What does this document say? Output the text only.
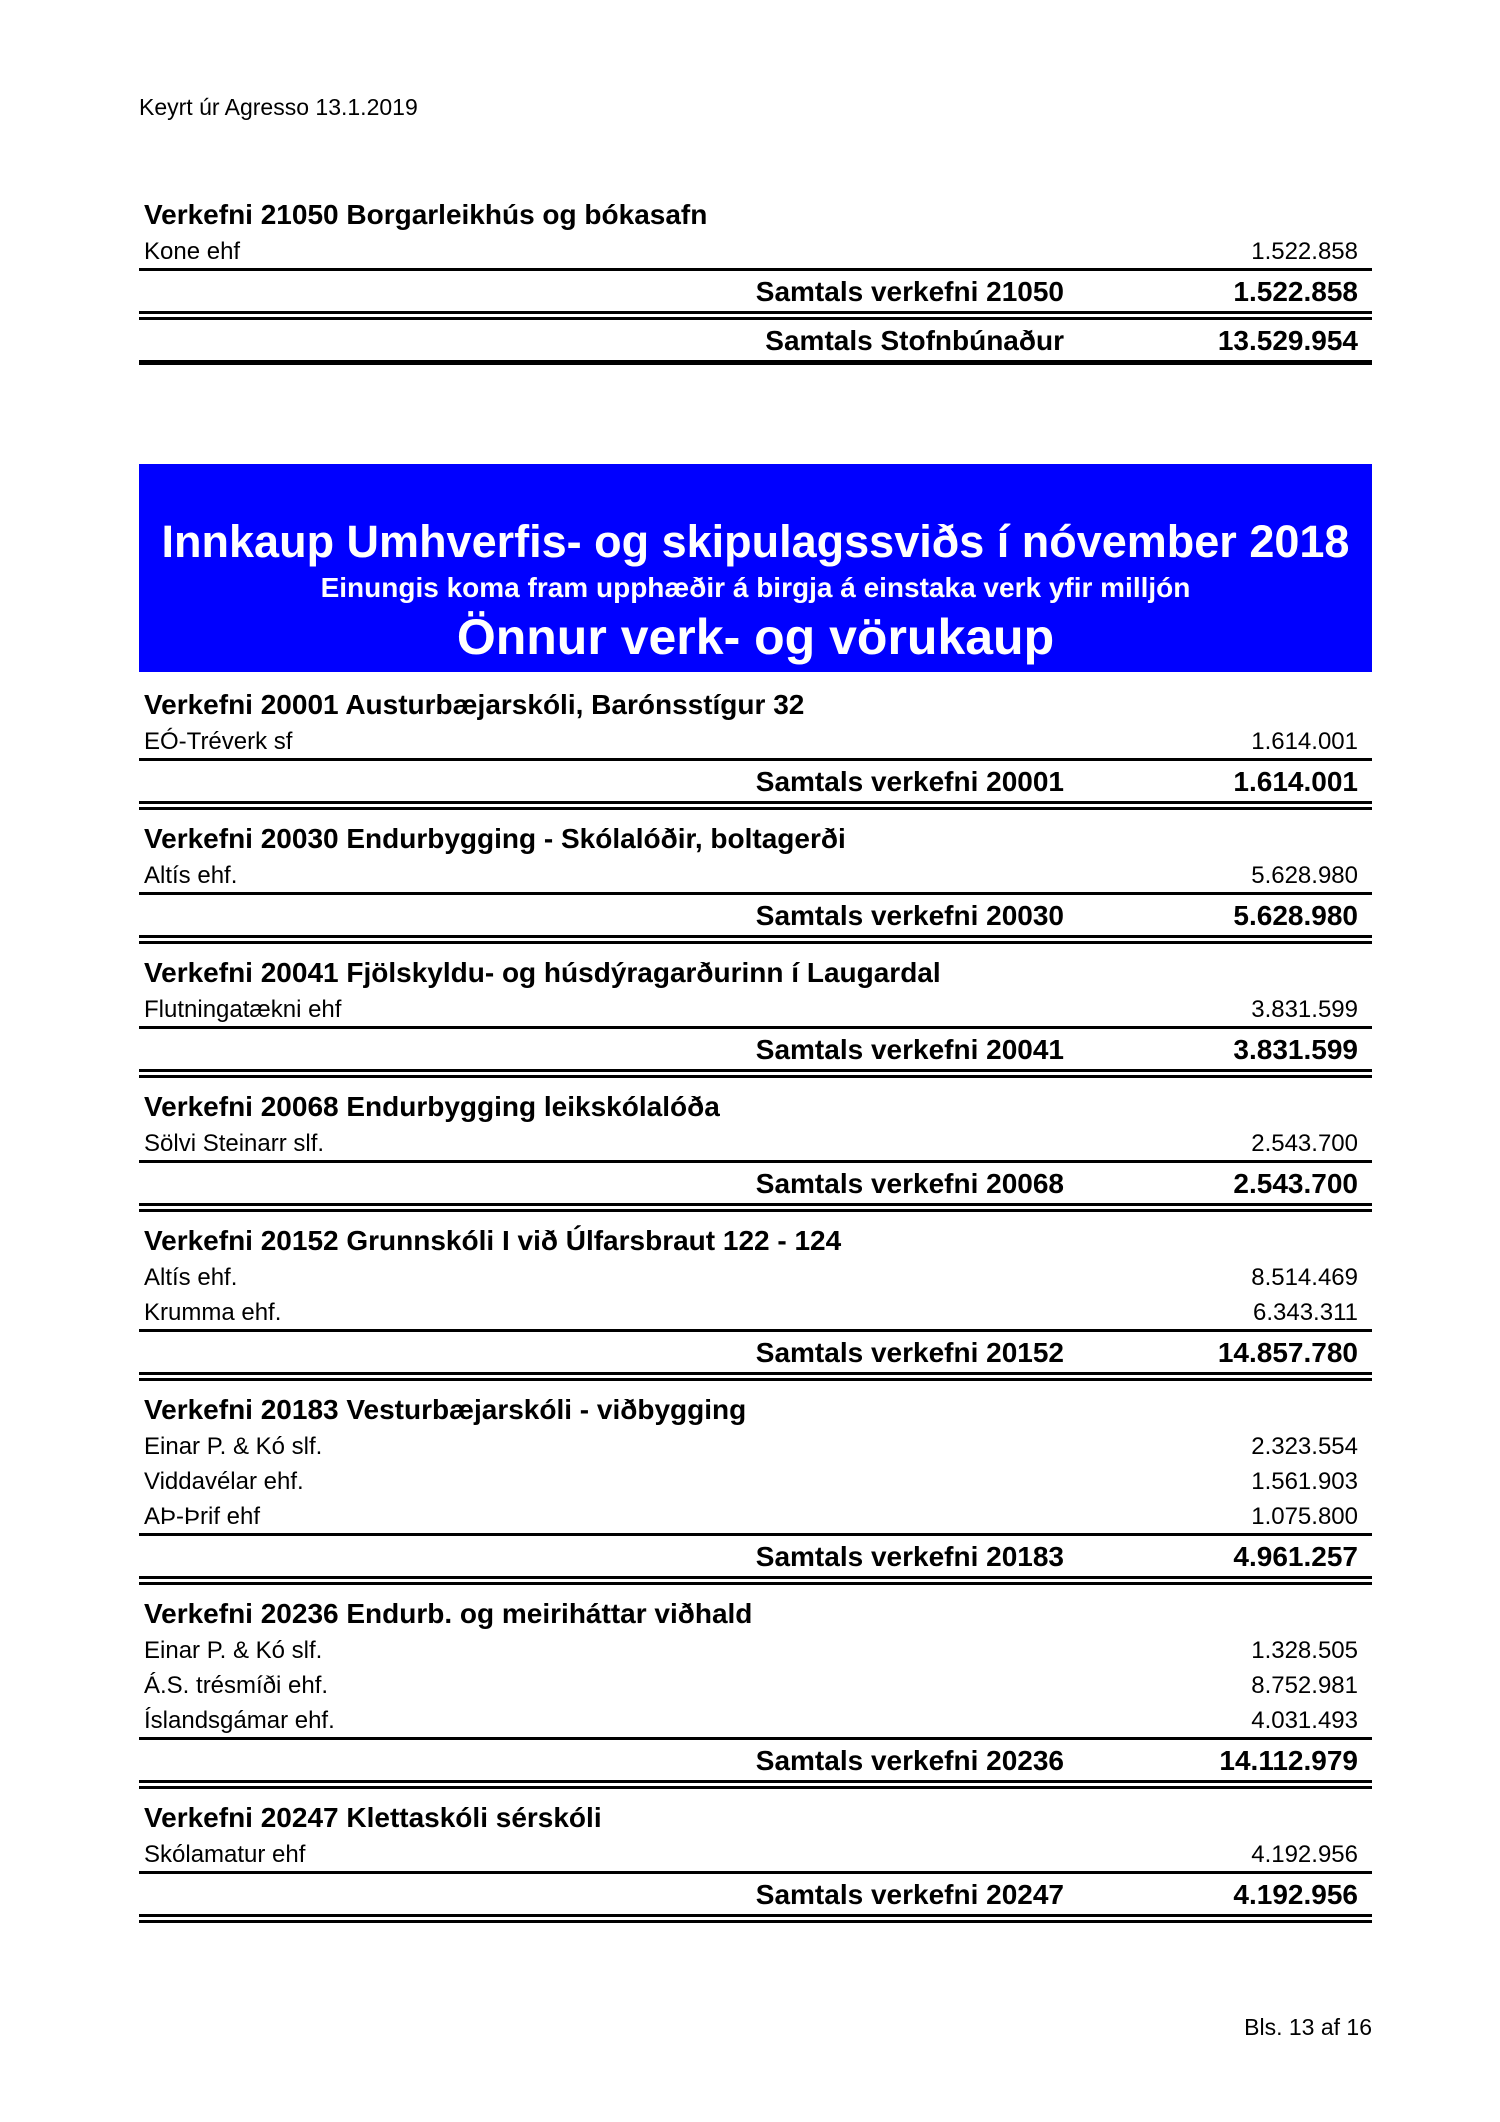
Keyrt úr Agresso 13.1.2019
Verkefni 21050 Borgarleikhús og bókasafn
Kone ehf	1.522.858
Samtals verkefni 21050	1.522.858
Samtals Stofnbúnaður	13.529.954
Innkaup Umhverfis- og skipulagssviðs í nóvember 2018
Einungis koma fram upphæðir á birgja á einstaka verk yfir milljón
Önnur verk- og vörukaup
Verkefni 20001 Austurbæjarskóli, Barónsstígur 32
EÓ-Tréverk sf	1.614.001
Samtals verkefni 20001	1.614.001
Verkefni 20030 Endurbygging - Skólalóðir, boltagerði
Altís ehf.	5.628.980
Samtals verkefni 20030	5.628.980
Verkefni 20041 Fjölskyldu- og húsdýragarðurinn í Laugardal
Flutningatækni ehf	3.831.599
Samtals verkefni 20041	3.831.599
Verkefni 20068 Endurbygging leikskólalóða
Sölvi Steinarr slf.	2.543.700
Samtals verkefni 20068	2.543.700
Verkefni 20152 Grunnskóli I við Úlfarsbraut 122 - 124
Altís ehf.	8.514.469
Krumma ehf.	6.343.311
Samtals verkefni 20152	14.857.780
Verkefni 20183 Vesturbæjarskóli - viðbygging
Einar P. & Kó slf.	2.323.554
Viddavélar ehf.	1.561.903
AÞ-Þrif ehf	1.075.800
Samtals verkefni 20183	4.961.257
Verkefni 20236 Endurb. og meiriháttar viðhald
Einar P. & Kó slf.	1.328.505
Á.S. trésmíði ehf.	8.752.981
Íslandsgámar ehf.	4.031.493
Samtals verkefni 20236	14.112.979
Verkefni 20247 Klettaskóli sérskóli
Skólamatur ehf	4.192.956
Samtals verkefni 20247	4.192.956
Bls. 13 af 16
